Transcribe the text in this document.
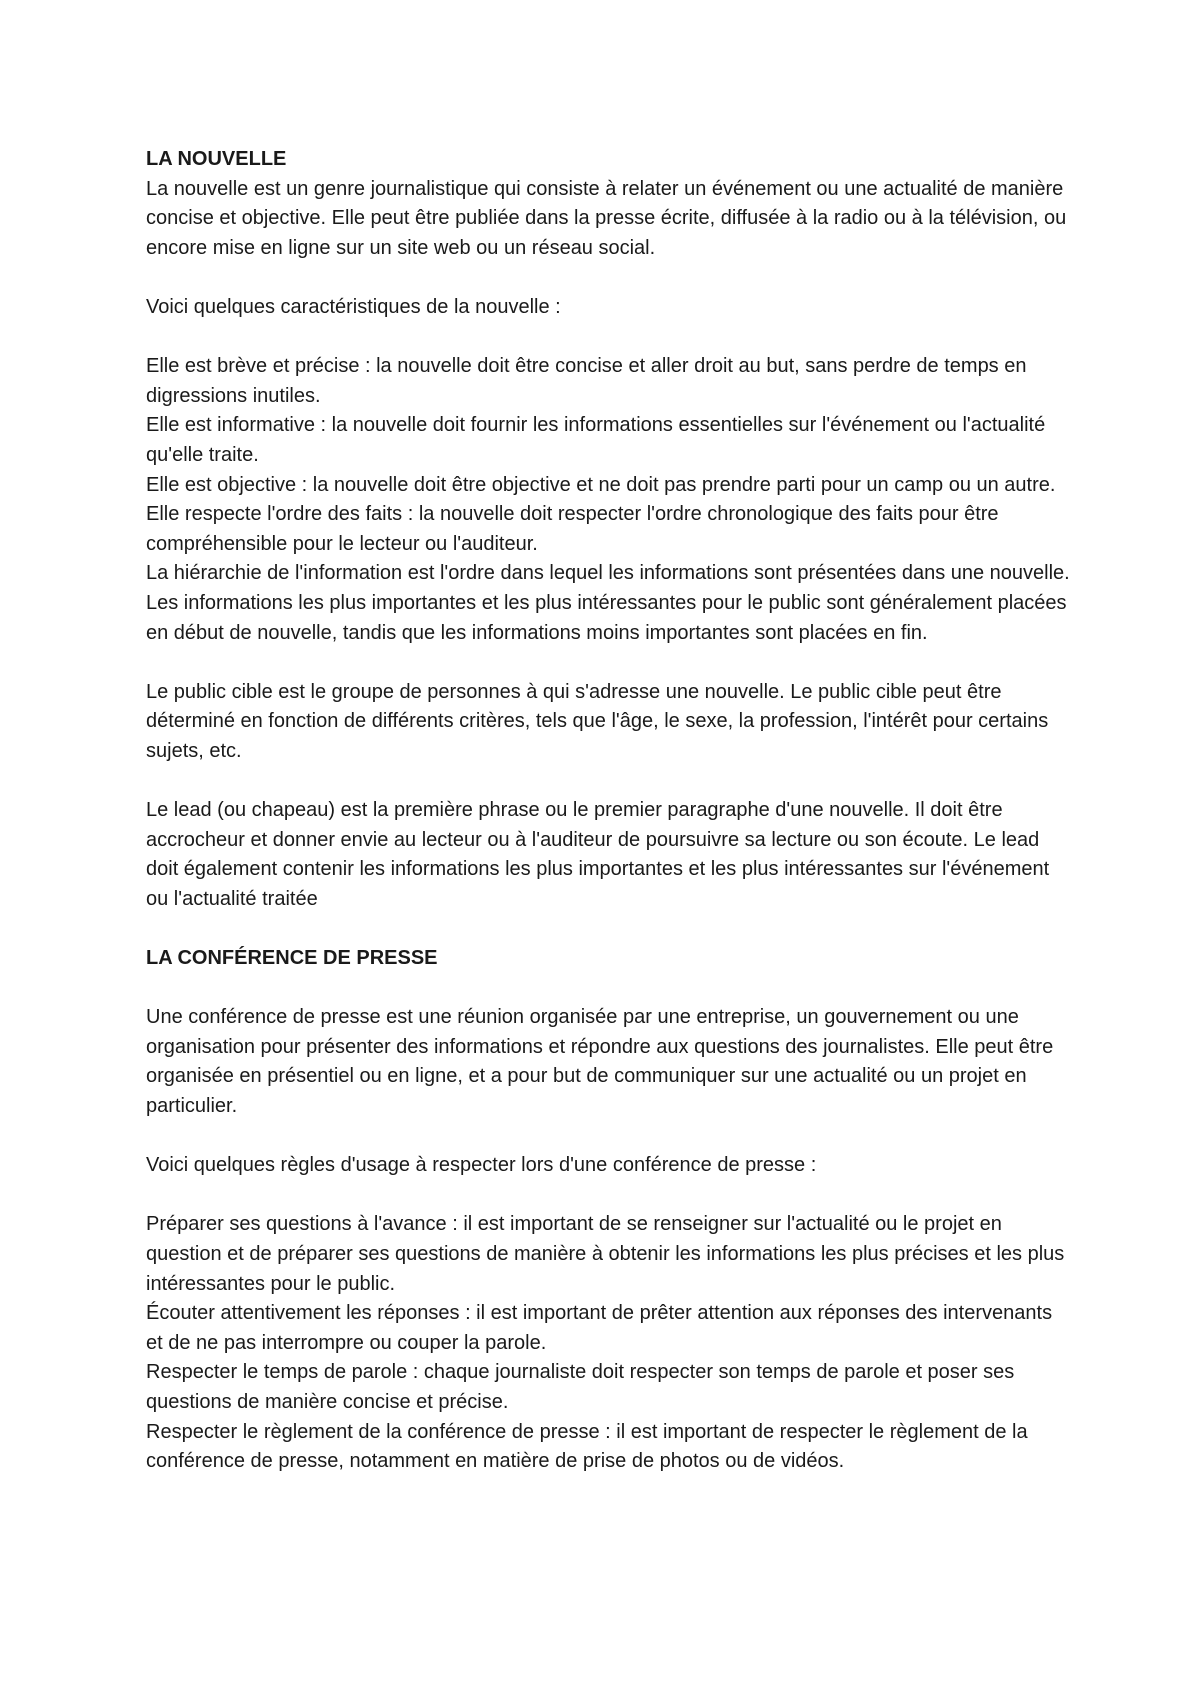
LA NOUVELLE

La nouvelle est un genre journalistique qui consiste à relater un événement ou une actualité de manière concise et objective. Elle peut être publiée dans la presse écrite, diffusée à la radio ou à la télévision, ou encore mise en ligne sur un site web ou un réseau social.

Voici quelques caractéristiques de la nouvelle :

Elle est brève et précise : la nouvelle doit être concise et aller droit au but, sans perdre de temps en digressions inutiles.

Elle est informative : la nouvelle doit fournir les informations essentielles sur l'événement ou l'actualité qu'elle traite.

Elle est objective : la nouvelle doit être objective et ne doit pas prendre parti pour un camp ou un autre.

Elle respecte l'ordre des faits : la nouvelle doit respecter l'ordre chronologique des faits pour être compréhensible pour le lecteur ou l'auditeur.

La hiérarchie de l'information est l'ordre dans lequel les informations sont présentées dans une nouvelle. Les informations les plus importantes et les plus intéressantes pour le public sont généralement placées en début de nouvelle, tandis que les informations moins importantes sont placées en fin.

Le public cible est le groupe de personnes à qui s'adresse une nouvelle. Le public cible peut être déterminé en fonction de différents critères, tels que l'âge, le sexe, la profession, l'intérêt pour certains sujets, etc.

Le lead (ou chapeau) est la première phrase ou le premier paragraphe d'une nouvelle. Il doit être accrocheur et donner envie au lecteur ou à l'auditeur de poursuivre sa lecture ou son écoute. Le lead doit également contenir les informations les plus importantes et les plus intéressantes sur l'événement ou l'actualité traitée

LA CONFÉRENCE DE PRESSE

Une conférence de presse est une réunion organisée par une entreprise, un gouvernement ou une organisation pour présenter des informations et répondre aux questions des journalistes. Elle peut être organisée en présentiel ou en ligne, et a pour but de communiquer sur une actualité ou un projet en particulier.

Voici quelques règles d'usage à respecter lors d'une conférence de presse :

Préparer ses questions à l'avance : il est important de se renseigner sur l'actualité ou le projet en question et de préparer ses questions de manière à obtenir les informations les plus précises et les plus intéressantes pour le public.

Écouter attentivement les réponses : il est important de prêter attention aux réponses des intervenants et de ne pas interrompre ou couper la parole.

Respecter le temps de parole : chaque journaliste doit respecter son temps de parole et poser ses questions de manière concise et précise.

Respecter le règlement de la conférence de presse : il est important de respecter le règlement de la conférence de presse, notamment en matière de prise de photos ou de vidéos.
